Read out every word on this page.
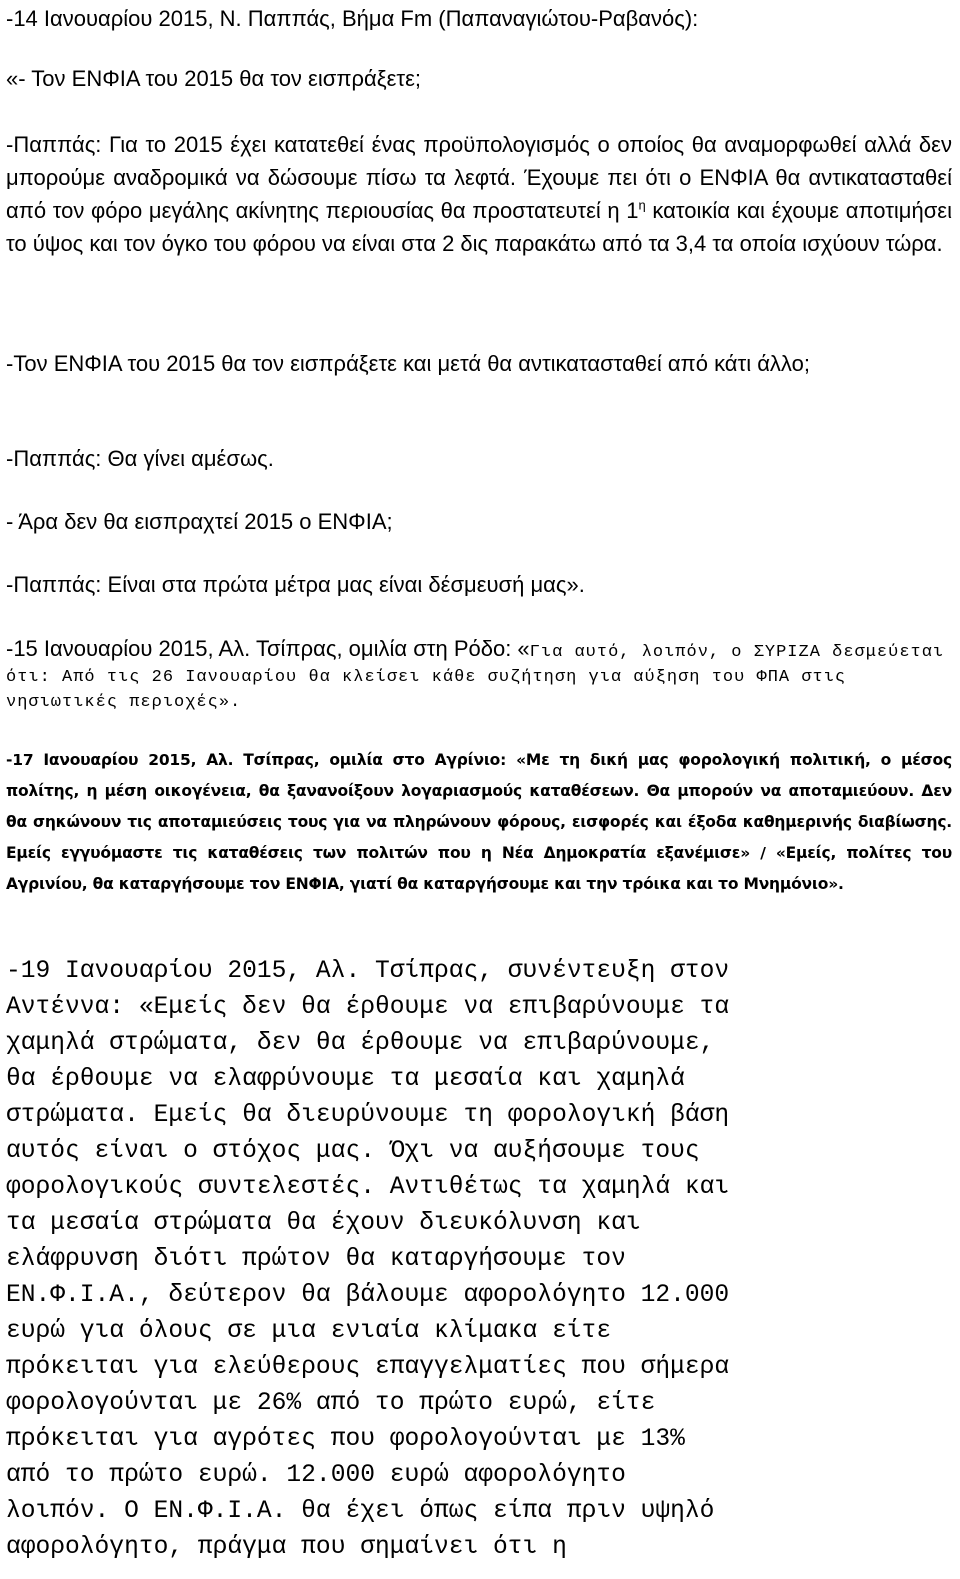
-14 Ιανουαρίου 2015, Ν. Παππάς, Βήμα Fm (Παπαναγιώτου-Ραβανός):

«- Τον ΕΝΦΙΑ του 2015 θα τον εισπράξετε;

-Παππάς: Για το 2015 έχει κατατεθεί ένας προϋπολογισμός ο οποίος θα αναμορφωθεί αλλά δεν μπορούμε αναδρομικά να δώσουμε πίσω τα λεφτά. Έχουμε πει ότι ο ΕΝΦΙΑ θα αντικατασταθεί από τον φόρο μεγάλης ακίνητης περιουσίας θα προστατευτεί η $1^\eta$ κατοικία και έχουμε αποτιμήσει το ύψος και τον όγκο του φόρου να είναι στα 2 δις παρακάτω από τα 3,4 τα οποία ισχύουν τώρα.

-Τον ΕΝΦΙΑ του 2015 θα τον εισπράξετε και μετά θα αντικατασταθεί από κάτι άλλο;

-Παππάς: Θα γίνει αμέσως.

- Άρα δεν θα εισπραχτεί 2015 ο ΕΝΦΙΑ;

-Παππάς: Είναι στα πρώτα μέτρα μας είναι δέσμευσή μας».

-15 Ιανουαρίου 2015, Αλ. Τσίπρας, ομιλία στη Ρόδο: «Για αυτό, λοιπόν, ο ΣΥΡΙΖΑ δεσμεύεται ότι: Από τις 26 Ιανουαρίου θα κλείσει κάθε συζήτηση για αύξηση του ΦΠΑ στις νησιωτικές περιοχές».

-17 Ιανουαρίου 2015, Αλ. Τσίπρας, ομιλία στο Αγρίνιο: «Με τη δική μας φορολογική πολιτική, ο μέσος πολίτης, η μέση οικογένεια, θα ξανανοίξουν λογαριασμούς καταθέσεων. Θα μπορούν να αποταμιεύουν. Δεν θα σηκώνουν τις αποταμιεύσεις τους για να πληρώνουν φόρους, εισφορές και έξοδα καθημερινής διαβίωσης. Εμείς εγγυόμαστε τις καταθέσεις των πολιτών που η Νέα Δημοκρατία εξανέμισε» / «Εμείς, πολίτες του Αγρινίου, θα καταργήσουμε τον ΕΝΦΙΑ, γιατί θα καταργήσουμε και την τρόικα και το Μνημόνιο».

-19 Ιανουαρίου 2015, Αλ. Τσίπρας, συνέντευξη στον
Αντέννα: «Εμείς δεν θα έρθουμε να επιβαρύνουμε τα
χαμηλά στρώματα, δεν θα έρθουμε να επιβαρύνουμε,
θα έρθουμε να ελαφρύνουμε τα μεσαία και χαμηλά
στρώματα. Εμείς θα διευρύνουμε τη φορολογική βάση
αυτός είναι ο στόχος μας. Όχι να αυξήσουμε τους
φορολογικούς συντελεστές. Αντιθέτως τα χαμηλά και
τα μεσαία στρώματα θα έχουν διευκόλυνση και
ελάφρυνση διότι πρώτον θα καταργήσουμε τον
ΕΝ.Φ.Ι.Α., δεύτερον θα βάλουμε αφορολόγητο 12.000
ευρώ για όλους σε μια ενιαία κλίμακα είτε
πρόκειται για ελεύθερους επαγγελματίες που σήμερα
φορολογούνται με 26% από το πρώτο ευρώ, είτε
πρόκειται για αγρότες που φορολογούνται με 13%
από το πρώτο ευρώ. 12.000 ευρώ αφορολόγητο
λοιπόν. Ο ΕΝ.Φ.Ι.Α. θα έχει όπως είπα πριν υψηλό
αφορολόγητο, πράγμα που σημαίνει ότι η
